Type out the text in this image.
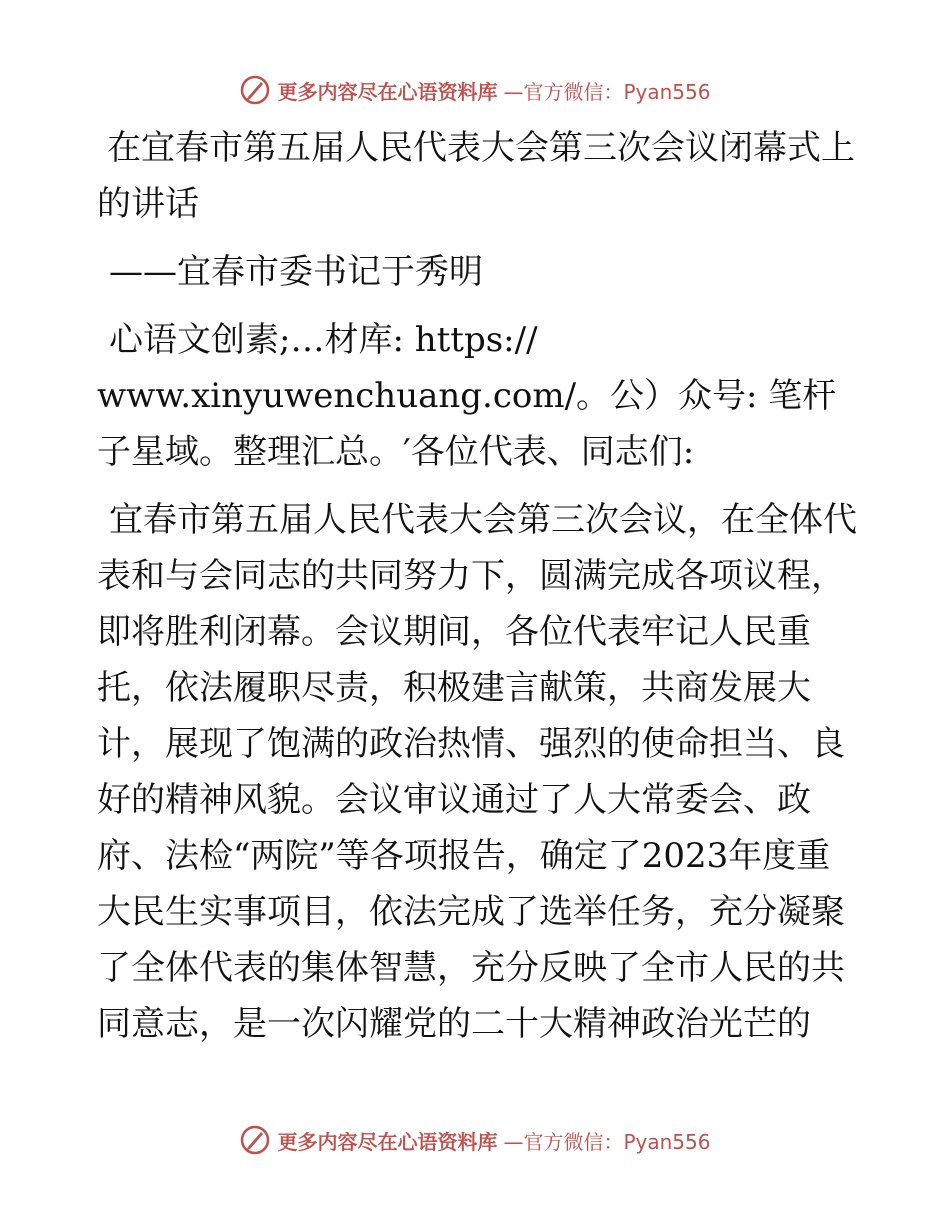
更多内容尽在心语资料库 —官方微信：Pyan556

在宜春市第五届人民代表大会第三次会议闭幕式上的讲话

——宜春市委书记于秀明

心语文创素;…材库: https://

www.xinyuwenchuang.com/。公）众号: 笔杆子星域。整理汇总。′各位代表、同志们:

宜春市第五届人民代表大会第三次会议，在全体代表和与会同志的共同努力下，圆满完成各项议程，即将胜利闭幕。会议期间，各位代表牢记人民重托，依法履职尽责，积极建言献策，共商发展大计，展现了饱满的政治热情、强烈的使命担当、良好的精神风貌。会议审议通过了人大常委会、政府、法检“两院”等各项报告，确定了2023年度重大民生实事项目，依法完成了选举任务，充分凝聚了全体代表的集体智慧，充分反映了全市人民的共同意志，是一次闪耀党的二十大精神政治光芒的

更多内容尽在心语资料库 —官方微信：Pyan556
